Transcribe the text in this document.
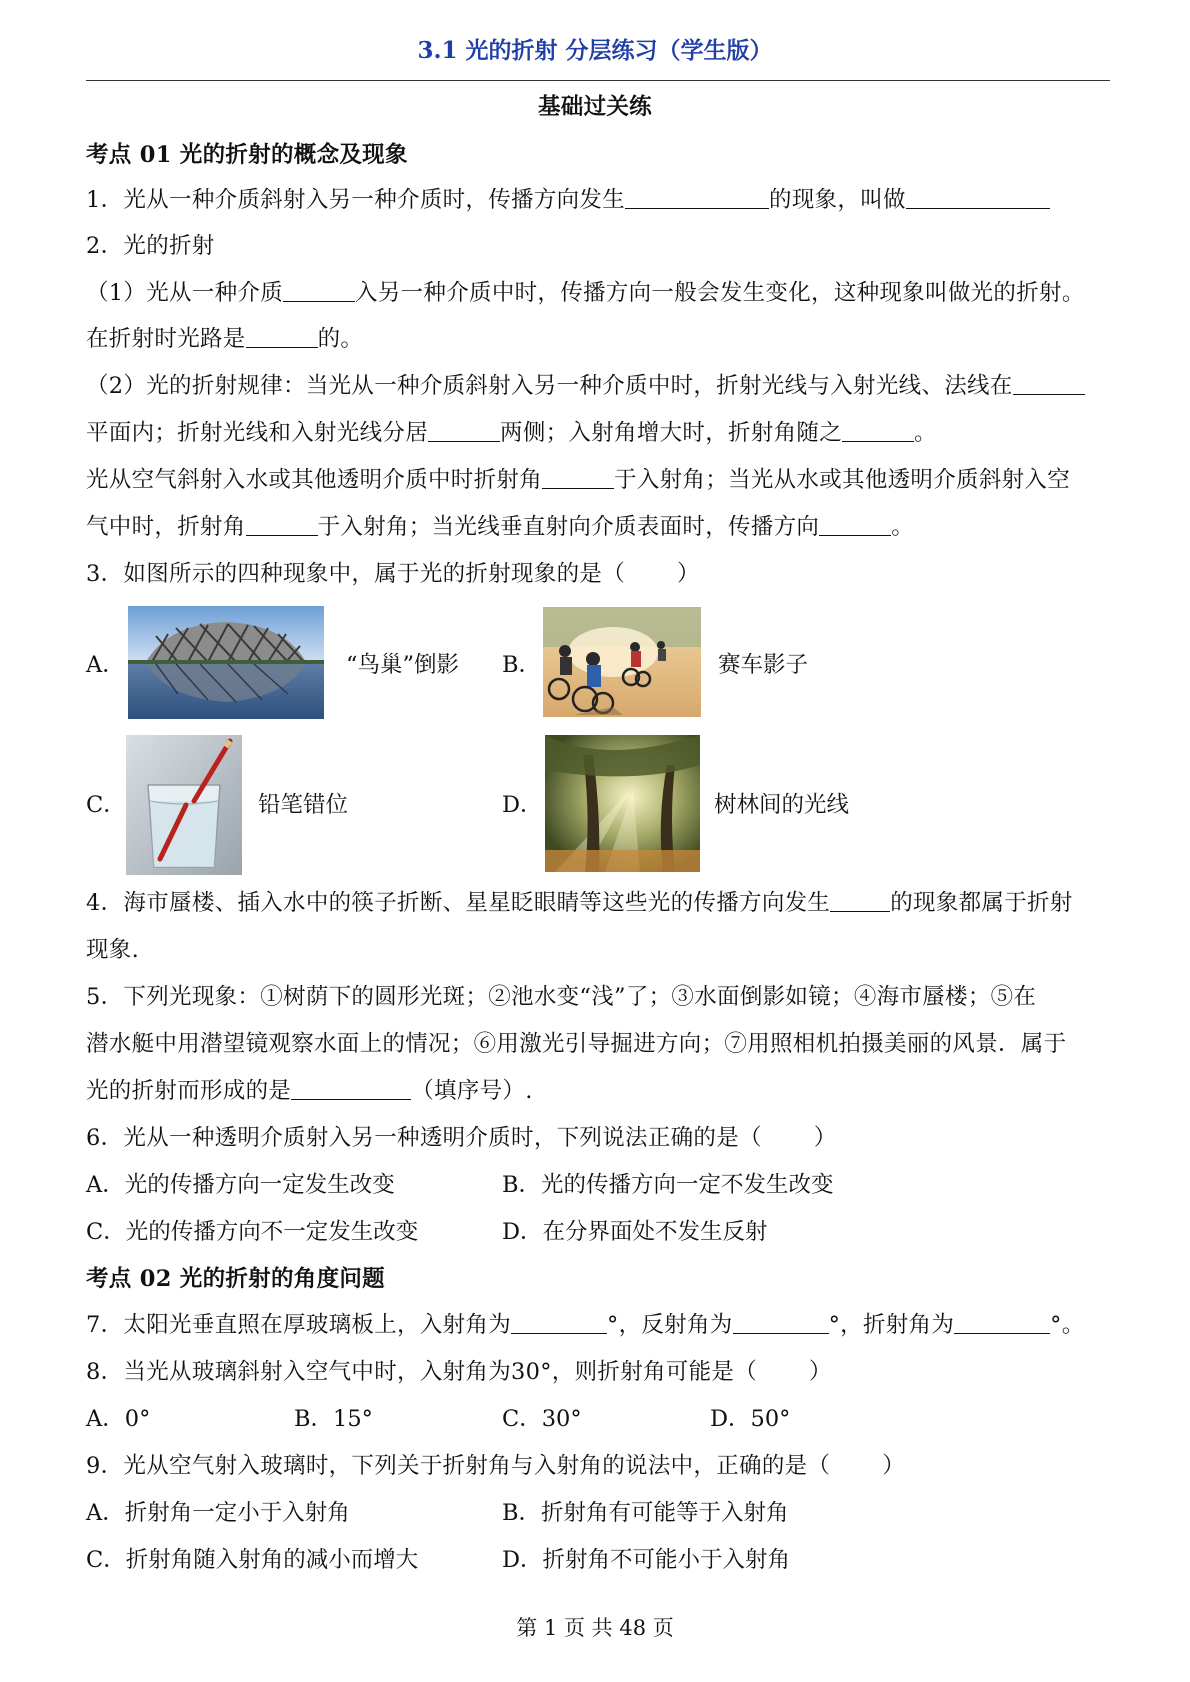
3.1 光的折射 分层练习（学生版）
基础过关练
考点 01 光的折射的概念及现象
1．光从一种介质斜射入另一种介质时，传播方向发生	的现象，叫做
2．光的折射
（1）光从一种介质	入另一种介质中时，传播方向一般会发生变化，这种现象叫做光的折射。
在折射时光路是	的。
（2）光的折射规律：当光从一种介质斜射入另一种介质中时，折射光线与入射光线、法线在
平面内；折射光线和入射光线分居	两侧；入射角增大时，折射角随之	。
光从空气斜射入水或其他透明介质中时折射角	于入射角；当光从水或其他透明介质斜射入空
气中时，折射角	于入射角；当光线垂直射向介质表面时，传播方向	。
3．如图所示的四种现象中，属于光的折射现象的是（ ）
A．	“鸟巢”倒影 B．	赛车影子
C．	铅笔错位	D．	树林间的光线
4．海市蜃楼、插入水中的筷子折断、星星眨眼睛等这些光的传播方向发生	的现象都属于折射
现象.
5．下列光现象：①树荫下的圆形光斑；②池水变“浅”了；③水面倒影如镜；④海市蜃楼；⑤在
潜水艇中用潜望镜观察水面上的情况；⑥用激光引导掘进方向；⑦用照相机拍摄美丽的风景．属于
光的折射而形成的是	（填序号）.
6．光从一种透明介质射入另一种透明介质时，下列说法正确的是（ ）
A．光的传播方向一定发生改变	B．光的传播方向一定不发生改变
C．光的传播方向不一定发生改变	D．在分界面处不发生反射
考点 02 光的折射的角度问题
7．太阳光垂直照在厚玻璃板上，入射角为	°，反射角为	°，折射角为	°。
8．当光从玻璃斜射入空气中时，入射角为30°，则折射角可能是（ ）
A．0°	B．15°	C．30°	D．50°
9．光从空气射入玻璃时，下列关于折射角与入射角的说法中，正确的是（ ）
A．折射角一定小于入射角	B．折射角有可能等于入射角
C．折射角随入射角的减小而增大	D．折射角不可能小于入射角
第 1 页 共 48 页
